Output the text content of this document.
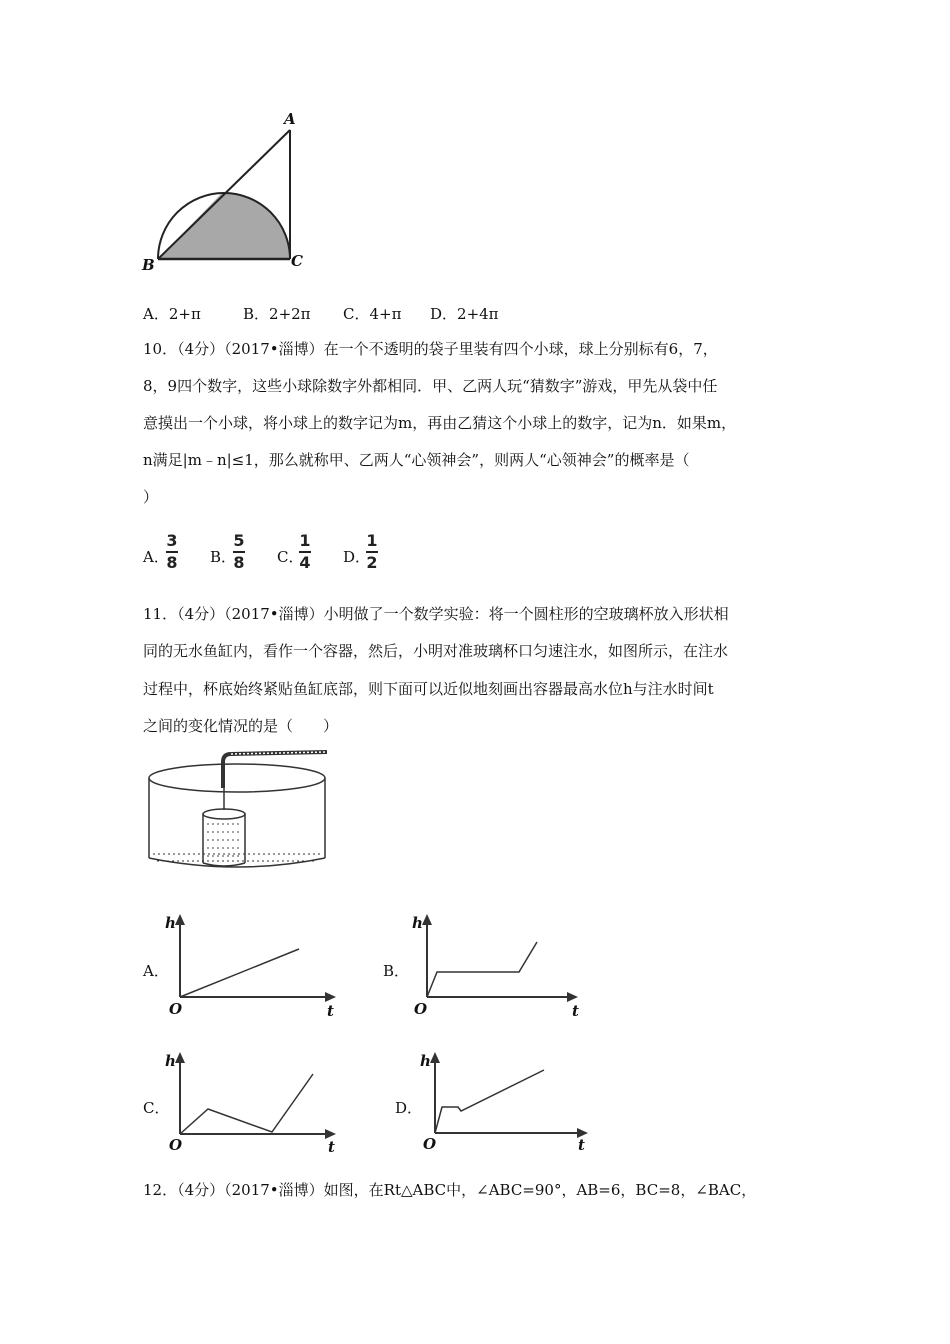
A
B	C
A．2+π	B．2+2π C．4+π D．2+4π
10．（4分）（2017•淄博）在一个不透明的袋子里装有四个小球，球上分别标有6，7，
8，9四个数字，这些小球除数字外都相同．甲、乙两人玩“猜数字”游戏，甲先从袋中任
意摸出一个小球，将小球上的数字记为m，再由乙猜这个小球上的数字，记为n．如果m，
n满足|m﹣n|≤1，那么就称甲、乙两人“心领神会”，则两人“心领神会”的概率是（
）
A．
3
8 B．
5
8 C．
1
4 D．
1
2
11．（4分）（2017•淄博）小明做了一个数学实验：将一个圆柱形的空玻璃杯放入形状相
同的无水鱼缸内，看作一个容器，然后，小明对准玻璃杯口匀速注水，如图所示，在注水
过程中，杯底始终紧贴鱼缸底部，则下面可以近似地刻画出容器最高水位h与注水时间t
之间的变化情况的是（　　）
A．
h
O	t
B．
h
O	t
C．
h
O	t
D．
h
O	t
12．（4分）（2017•淄博）如图，在Rt△ABC中，∠ABC=90°，AB=6，BC=8，∠BAC，
